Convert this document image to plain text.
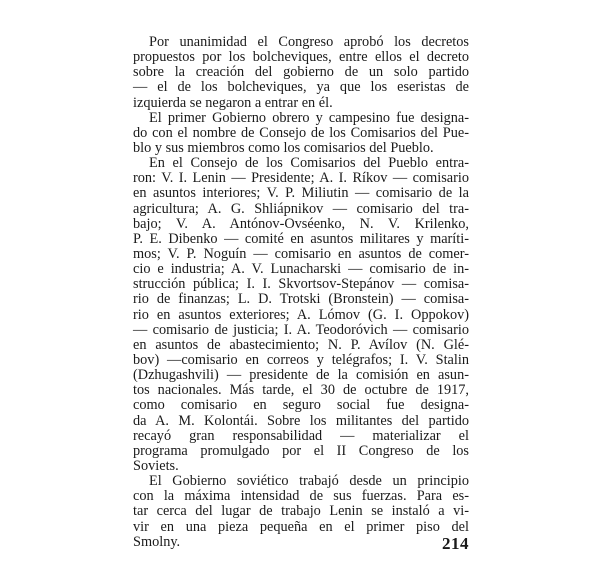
Por unanimidad el Congreso aprobó los decretos
propuestos por los bolcheviques, entre ellos el decreto
sobre la creación del gobierno de un solo partido
— el de los bolcheviques, ya que los eseristas de
izquierda se negaron a entrar en él.
El primer Gobierno obrero y campesino fue designa-
do con el nombre de Consejo de los Comisarios del Pue-
blo y sus miembros como los comisarios del Pueblo.
En el Consejo de los Comisarios del Pueblo entra-
ron: V. I. Lenin — Presidente; A. I. Ríkov — comisario
en asuntos interiores; V. P. Miliutin — comisario de la
agricultura; A. G. Shliápnikov — comisario del tra-
bajo; V. A. Antónov-Ovséenko, N. V. Krilenko,
P. E. Dibenko — comité en asuntos militares y maríti-
mos; V. P. Noguín — comisario en asuntos de comer-
cio e industria; A. V. Lunacharski — comisario de in-
strucción pública; I. I. Skvortsov-Stepánov — comisa-
rio de finanzas; L. D. Trotski (Bronstein) — comisa-
rio en asuntos exteriores; A. Lómov (G. I. Oppokov)
— comisario de justicia; I. A. Teodoróvich — comisario
en asuntos de abastecimiento; N. P. Avílov (N. Glé-
bov) —comisario en correos y telégrafos; I. V. Stalin
(Dzhugashvili) — presidente de la comisión en asun-
tos nacionales. Más tarde, el 30 de octubre de 1917,
como comisario en seguro social fue designa-
da A. M. Kolontái. Sobre los militantes del partido
recayó gran responsabilidad — materializar el
programa promulgado por el II Congreso de los
Soviets.
El Gobierno soviético trabajó desde un principio
con la máxima intensidad de sus fuerzas. Para es-
tar cerca del lugar de trabajo Lenin se instaló a vi-
vir en una pieza pequeña en el primer piso del
Smolny.	214
